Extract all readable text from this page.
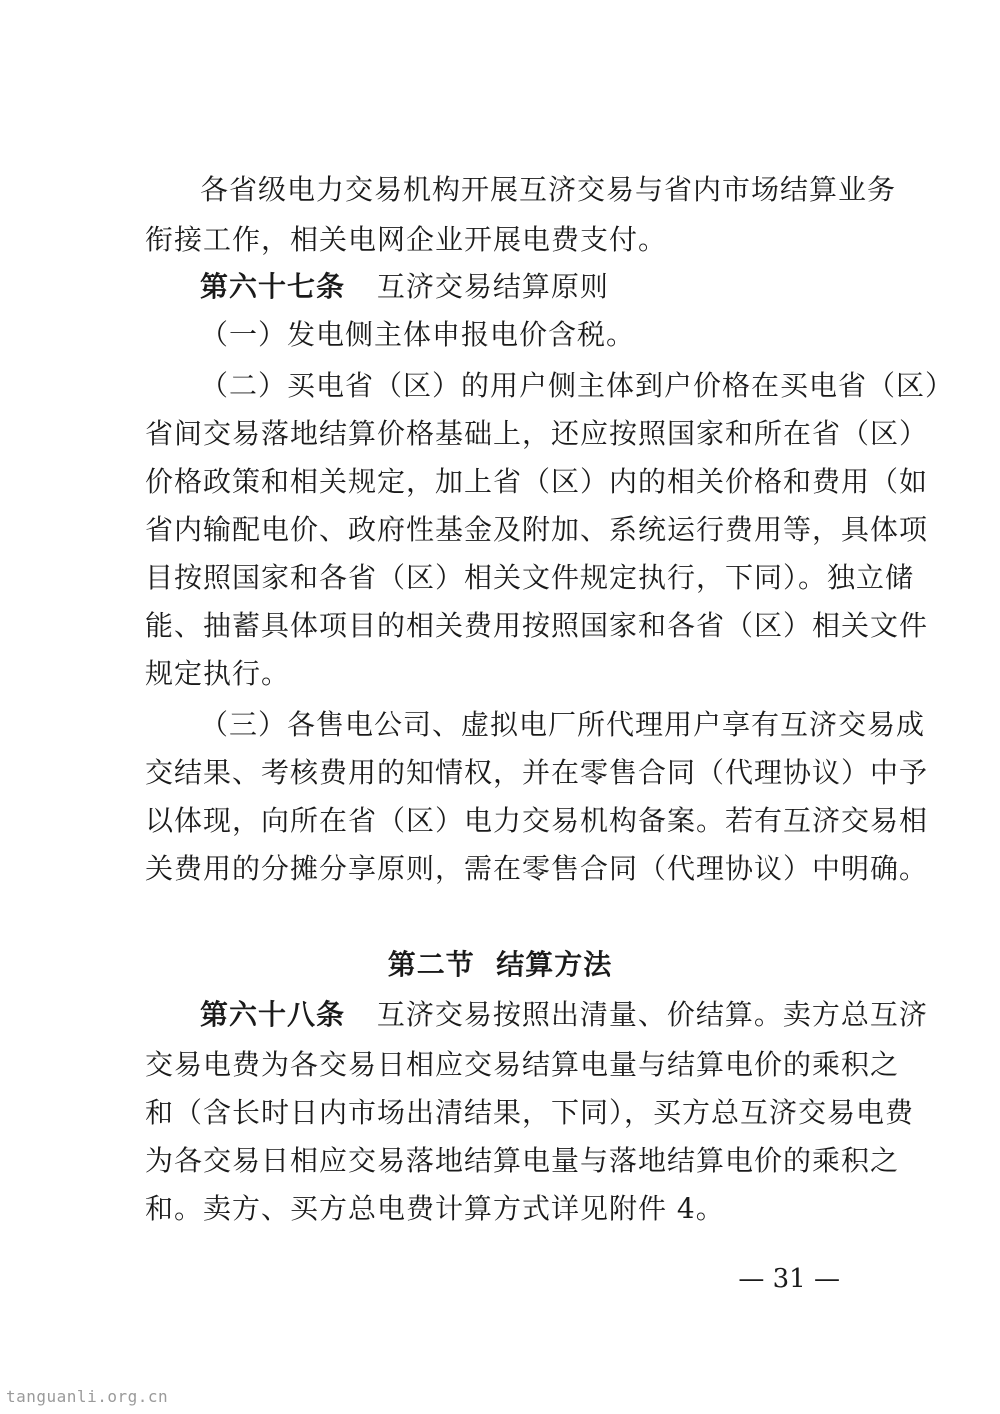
各省级电力交易机构开展互济交易与省内市场结算业务
衔接工作，相关电网企业开展电费支付。
第六十七条 互济交易结算原则
（一）发电侧主体申报电价含税。
（二）买电省（区）的用户侧主体到户价格在买电省（区）
省间交易落地结算价格基础上，还应按照国家和所在省（区）
价格政策和相关规定，加上省（区）内的相关价格和费用（如
省内输配电价、政府性基金及附加、系统运行费用等，具体项
目按照国家和各省（区）相关文件规定执行，下同）。独立储
能、抽蓄具体项目的相关费用按照国家和各省（区）相关文件
规定执行。
（三）各售电公司、虚拟电厂所代理用户享有互济交易成
交结果、考核费用的知情权，并在零售合同（代理协议）中予
以体现，向所在省（区）电力交易机构备案。若有互济交易相
关费用的分摊分享原则，需在零售合同（代理协议）中明确。
第二节  结算方法
第六十八条 互济交易按照出清量、价结算。卖方总互济
交易电费为各交易日相应交易结算电量与结算电价的乘积之
和（含长时日内市场出清结果，下同），买方总互济交易电费
为各交易日相应交易落地结算电量与落地结算电价的乘积之
和。卖方、买方总电费计算方式详见附件 4。
— 31 —
tanguanli.org.cn
